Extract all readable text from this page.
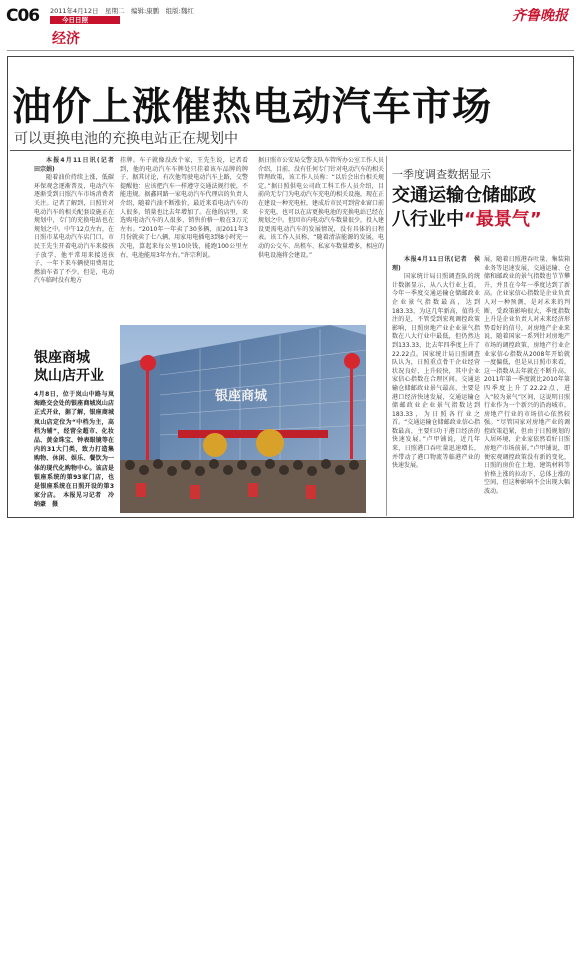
C06 2011年4月12日　星期二　编辑:康鹏　组版:魏红
今日日照
经济
齐鲁晚报
油价上涨催热电动汽车市场
可以更换电池的充换电站正在规划中

本报4月11日讯(记者　田宗娟)

随着油价持续上涨，低碳环保观念逐渐普及，电动汽车逐渐受到日照汽车市场消费者关注。记者了解到，日照针对电动汽车的相关配套设施正在规划中，专门的充换电站也在规划之中。中午12点左右，在日照市某电动汽车店门口，市民王先生开着电动汽车来接孩子放学，他平常用来接送孩子，一年下来车辆使用费用比燃油车省了不少。但是，电动汽车临时没有地方

挂牌。车子就像没改个家，王先生说，记者看到，他的电动汽车车牌处只挂着该车品牌的牌子，据其讨论，有次他驾驶电动汽车上路，交警提醒他：应该把汽车一样遵守交通法规行驶，不能违规。据鑫同路一家电动汽车代理店的负责人介绍，随着汽油不断涨价，最近来看电动汽车的人很多，销量也比去年增加了。在他的店里，来选购电动汽车的人很多，销售价格一般在3万元左右。“2010年一年卖了30多辆，而2011年3月份就卖了七八辆，用家用电插电3到8小时充一次电，算起来每公里10块钱，能跑100公里左右，电池能用3年左右。”许宗利说。

据日照市公安局交警支队车管所办公室工作人员介绍，目前，没有任何专门针对电动汽车的相关管理政策，该工作人员称：“以后会出台相关规定。”据日照供电公司政工科工作人员介绍，目前尚无专门为电动汽车充电的相关设施，现在正在建设一种充电桩，建成后市民可到营业窗口前卡充电，也可以在店更换电池的充换电站已经在规划之中。但因市内电动汽车数量很少，投入建设更需电动汽车的发展情况，没有具体的日程表。该工作人员称，“随着清洁能源的发展，电动的公交车、出租车、私家车数量增多，相应的供电设施将会建设。”

银座商城
岚山店开业
4月8日，位于岚山中路与岚海路交会处的银座商城岚山店正式开业，据了解，银座商城岚山店定位为“中档为主，高档为辅”，经营全超市、化妆品、黄金珠宝、钟表眼镜等在内的31大门类，致力打造集购物、休闲、娱乐、餐饮为一体的现代化购物中心。该店是银座系统的第93家门店，也是银座系统在日照开设的第3家分店。　本报见习记者　冷纳豪　摄
银座商城
一季度调查数据显示
交通运输仓储邮政
八行业中“最景气”

本报4月11日讯(记者　侯理)

国家统计局日照调查队的统计数据显示，从八大行业上看，今年一季度交通运输仓储邮政业企业景气指数最高，达到183.33，为这几年新高，值得关注的是，不管受到宏观调控政策影响，日照房地产业企业景气指数在八大行业中最低，但仍然达到133.33，比去年四季度上升了22.22点。国家统计局日照调查队认为，日照重点骨干企业经营状况良好，上升较快，其中企业家信心指数在合理区间。交通运输仓储邮政业景气最高，主要是港口经济快速发展，交通运输仓储邮政业企业景气指数达到183.33，为日照各行业之首。“交通运输仓储邮政业信心指数最高，主要归功于港口经济的快速发展。”卢甲铺说，近几年来，日照港口吞吐量迅速增长，并带动了港口物流等临港产业的快速发展。

展，随着日照港吞吐量、集装箱业务等迅速发展，交通运输、仓储和邮政业的景气指数也节节攀升，并且在今年一季度达到了新高。企业家信心指数是企业负责人对一种预测，是对未来的判断，受政策影响很大，季度指数上升是企业负责人对未来经济形势看好的信号，对房地产企业来说，随着国家一系列针对房地产市场的调控政策，房地产行业企业家信心指数从2008年开始就一度偏低，但是从日照市来看，这一指数从去年就在不断升高，2011年第一季度就比2010年第四季度上升了22.22点，进入“较为景气”区间，这说明日照行业作为一个新兴的沿海城市，房地产行业的市场信心依然较强。“尽管国家对房地产业的调控政策趋紧，但由于日照规划的人居环境，企业家依然看好日照房地产市场前景。”卢甲铺说，即便宏观调控政策没有新的变化，日照的房价在土地、建筑材料等价格上涨的拉动下，总体上涨的空间，但这种影响不会出现大幅波动。
